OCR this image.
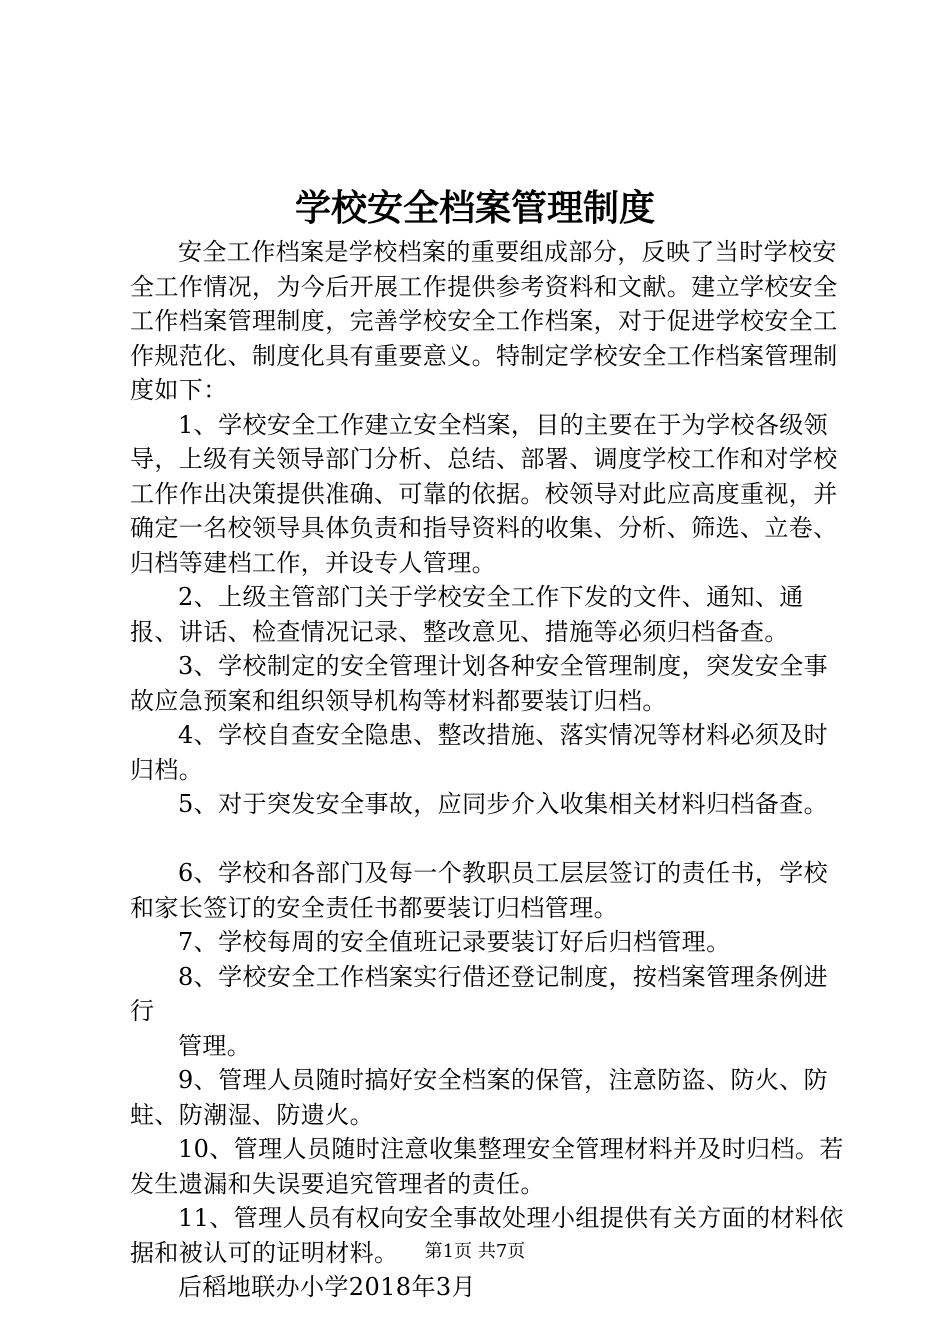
学校安全档案管理制度

安全工作档案是学校档案的重要组成部分，反映了当时学校安全工作情况，为今后开展工作提供参考资料和文献。建立学校安全工作档案管理制度，完善学校安全工作档案，对于促进学校安全工作规范化、制度化具有重要意义。特制定学校安全工作档案管理制度如下：

1、学校安全工作建立安全档案，目的主要在于为学校各级领导，上级有关领导部门分析、总结、部署、调度学校工作和对学校工作作出决策提供准确、可靠的依据。校领导对此应高度重视，并确定一名校领导具体负责和指导资料的收集、分析、筛选、立卷、归档等建档工作，并设专人管理。

2、上级主管部门关于学校安全工作下发的文件、通知、通报、讲话、检查情况记录、整改意见、措施等必须归档备查。

3、学校制定的安全管理计划各种安全管理制度，突发安全事故应急预案和组织领导机构等材料都要装订归档。

4、学校自查安全隐患、整改措施、落实情况等材料必须及时归档。

5、对于突发安全事故，应同步介入收集相关材料归档备查。

6、学校和各部门及每一个教职员工层层签订的责任书，学校和家长签订的安全责任书都要装订归档管理。

7、学校每周的安全值班记录要装订好后归档管理。

8、学校安全工作档案实行借还登记制度，按档案管理条例进行

管理。

9、管理人员随时搞好安全档案的保管，注意防盗、防火、防蛀、防潮湿、防遗火。

10、管理人员随时注意收集整理安全管理材料并及时归档。若发生遗漏和失误要追究管理者的责任。

11、管理人员有权向安全事故处理小组提供有关方面的材料依据和被认可的证明材料。

后稻地联办小学2018年3月

第1页 共7页
